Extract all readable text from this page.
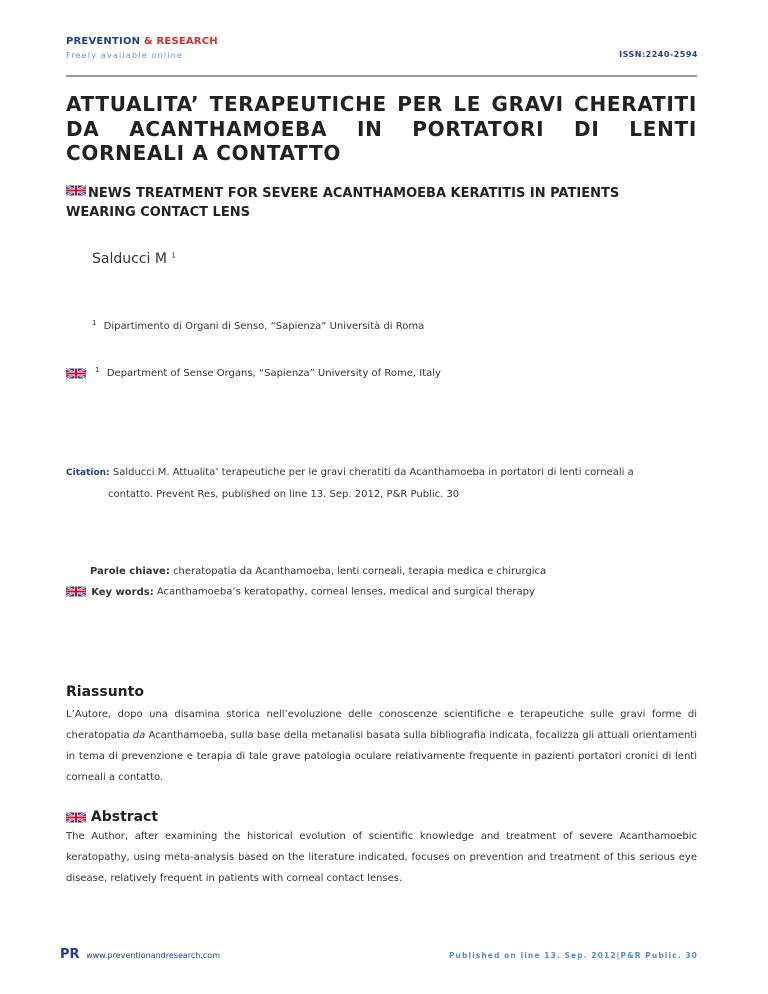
PREVENTION & RESEARCH
Freely available online	ISSN:2240-2594
ATTUALITA’ TERAPEUTICHE PER LE GRAVI CHERATITI DA ACANTHAMOEBA IN PORTATORI DI LENTI CORNEALI A CONTATTO
NEWS TREATMENT FOR SEVERE ACANTHAMOEBA KERATITIS IN PATIENTS WEARING CONTACT LENS
Salducci M $^1$
$^1$ Dipartimento di Organi di Senso, “Sapienza” Università di Roma
$^1$ Department of Sense Organs, “Sapienza” University of Rome, Italy
Citation: Salducci M. Attualita’ terapeutiche per le gravi cheratiti da Acanthamoeba in portatori di lenti corneali a
contatto. Prevent Res, published on line 13. Sep. 2012, P&R Public. 30
Parole chiave: cheratopatia da Acanthamoeba, lenti corneali, terapia medica e chirurgica
Key words: Acanthamoeba’s keratopathy, corneal lenses, medical and surgical therapy
Riassunto
L’Autore, dopo una disamina storica nell’evoluzione delle conoscenze scientifiche e terapeutiche sulle gravi forme di cheratopatia da Acanthamoeba, sulla base della metanalisi basata sulla bibliografia indicata, focalizza gli attuali orientamenti in tema di prevenzione e terapia di tale grave patologia oculare relativamente frequente in pazienti portatori cronici di lenti corneali a contatto.
Abstract
The Author, after examining the historical evolution of scientific knowledge and treatment of severe Acanthamoebic keratopathy, using meta-analysis based on the literature indicated, focuses on prevention and treatment of this serious eye disease, relatively frequent in patients with corneal contact lenses.
PR www.preventionandresearch.com	Published on line 13. Sep. 2012|P&R Public. 30
